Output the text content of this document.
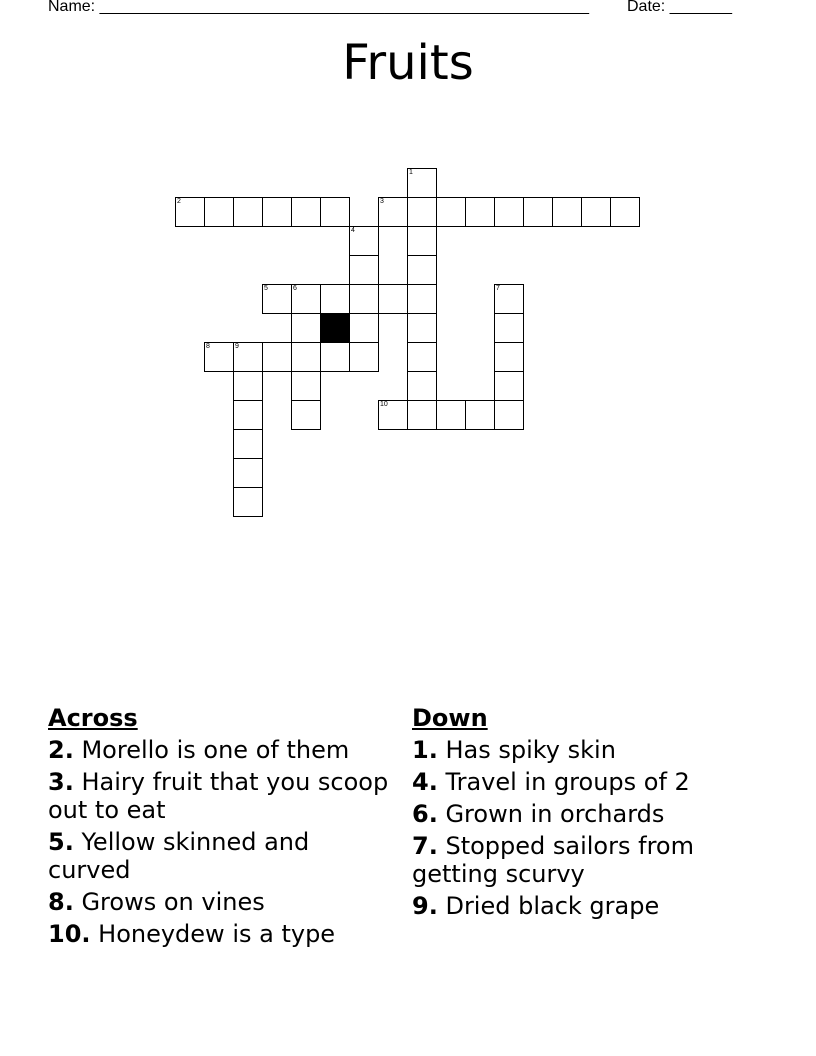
Name: _______________________________________________________ Date: _______
Fruits
1
2	3
4
5	6	7
8	9
10
Across
2. Morello is one of them
3. Hairy fruit that you scoop out to eat
5. Yellow skinned and curved
8. Grows on vines
10. Honeydew is a type
Down
1. Has spiky skin
4. Travel in groups of 2
6. Grown in orchards
7. Stopped sailors from getting scurvy
9. Dried black grape
